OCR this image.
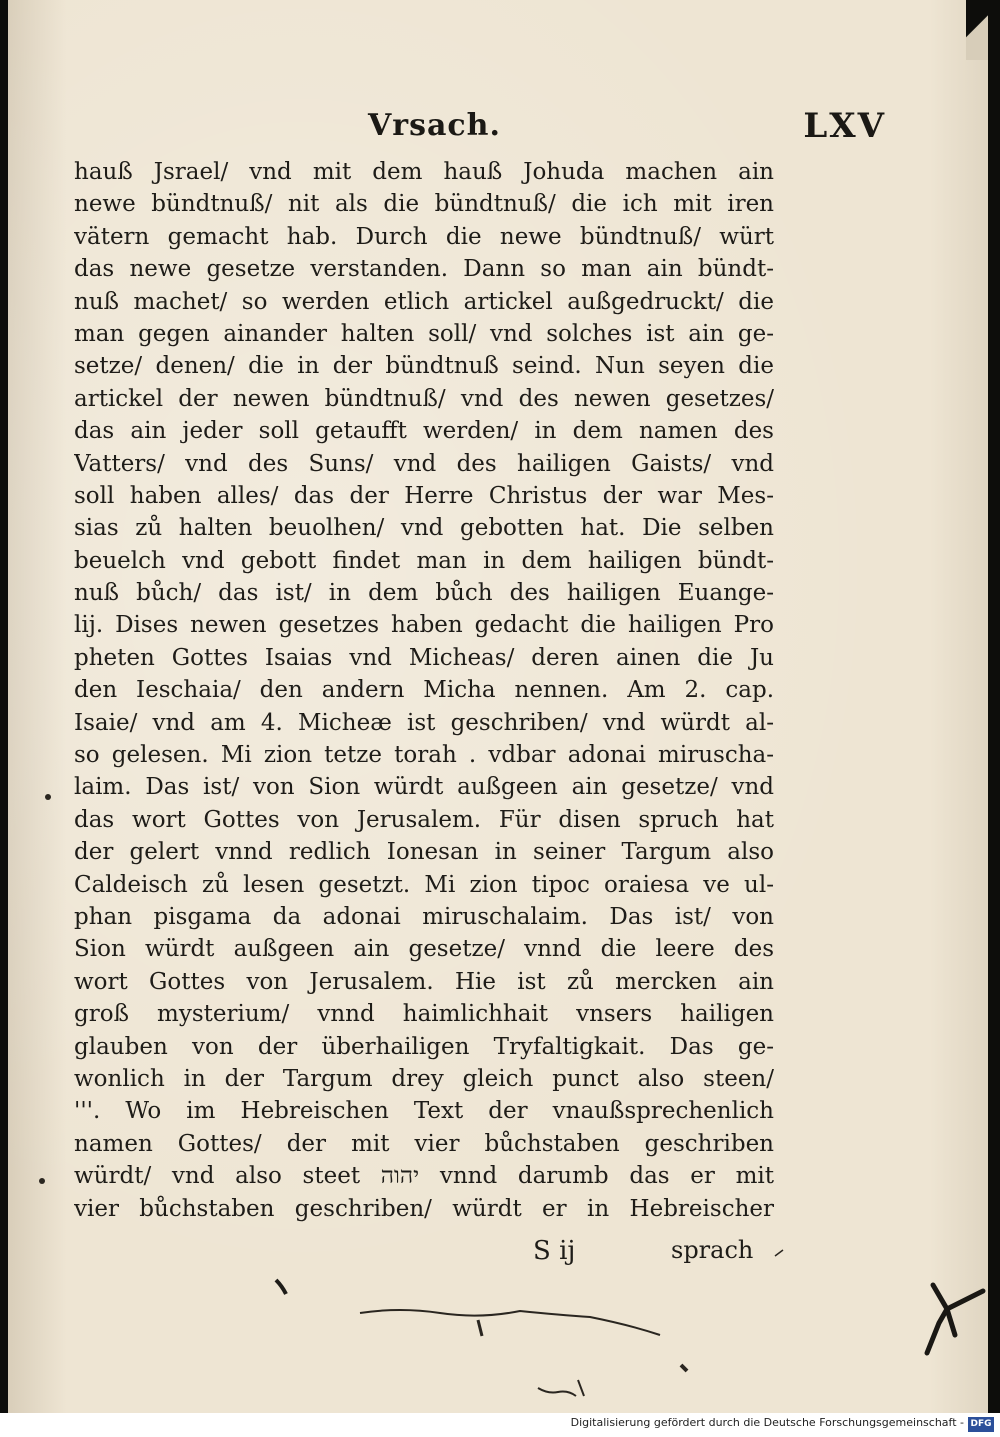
Vrsach.	LXV
hauß Jsrael/ vnd mit dem hauß Johuda machen ain
newe bündtnuß/ nit als die bündtnuß/ die ich mit iren
vätern gemacht hab. Durch die newe bündtnuß/ würt
das newe gesetze verstanden. Dann so man ain bündt-
nuß machet/ so werden etlich artickel außgedruckt/ die
man gegen ainander halten soll/ vnd solches ist ain ge-
setze/ denen/ die in der bündtnuß seind. Nun seyen die
artickel der newen bündtnuß/ vnd des newen gesetzes/
das ain jeder soll getaufft werden/ in dem namen des
Vatters/ vnd des Suns/ vnd des hailigen Gaists/ vnd
soll haben alles/ das der Herre Christus der war Mes-
sias zů halten beuolhen/ vnd gebotten hat. Die selben
beuelch vnd gebott findet man in dem hailigen bündt-
nuß bůch/ das ist/ in dem bůch des hailigen Euange-
lij. Dises newen gesetzes haben gedacht die hailigen Pro
pheten Gottes Isaias vnd Micheas/ deren ainen die Ju
den Ieschaia/ den andern Micha nennen. Am 2. cap.
Isaie/ vnd am 4. Micheæ ist geschriben/ vnd würdt al-
so gelesen. Mi zion tetze torah . vdbar adonai miruscha-
laim. Das ist/ von Sion würdt außgeen ain gesetze/ vnd
das wort Gottes von Jerusalem. Für disen spruch hat
der gelert vnnd redlich Ionesan in seiner Targum also
Caldeisch zů lesen gesetzt. Mi zion tipoc oraiesa ve ul-
phan pisgama da adonai miruschalaim. Das ist/ von
Sion würdt außgeen ain gesetze/ vnnd die leere des
wort Gottes von Jerusalem. Hie ist zů mercken ain
groß mysterium/ vnnd haimlichhait vnsers hailigen
glauben von der überhailigen Tryfaltigkait. Das ge-
wonlich in der Targum drey gleich punct also steen/
'''. Wo im Hebreischen Text der vnaußsprechenlich
namen Gottes/ der mit vier bůchstaben geschriben
würdt/ vnd also steet יהוה vnnd darumb das er mit
vier bůchstaben geschriben/ würdt er in Hebreischer
S ij	sprach
Digitalisierung gefördert durch die Deutsche Forschungsgemeinschaft - DFG
